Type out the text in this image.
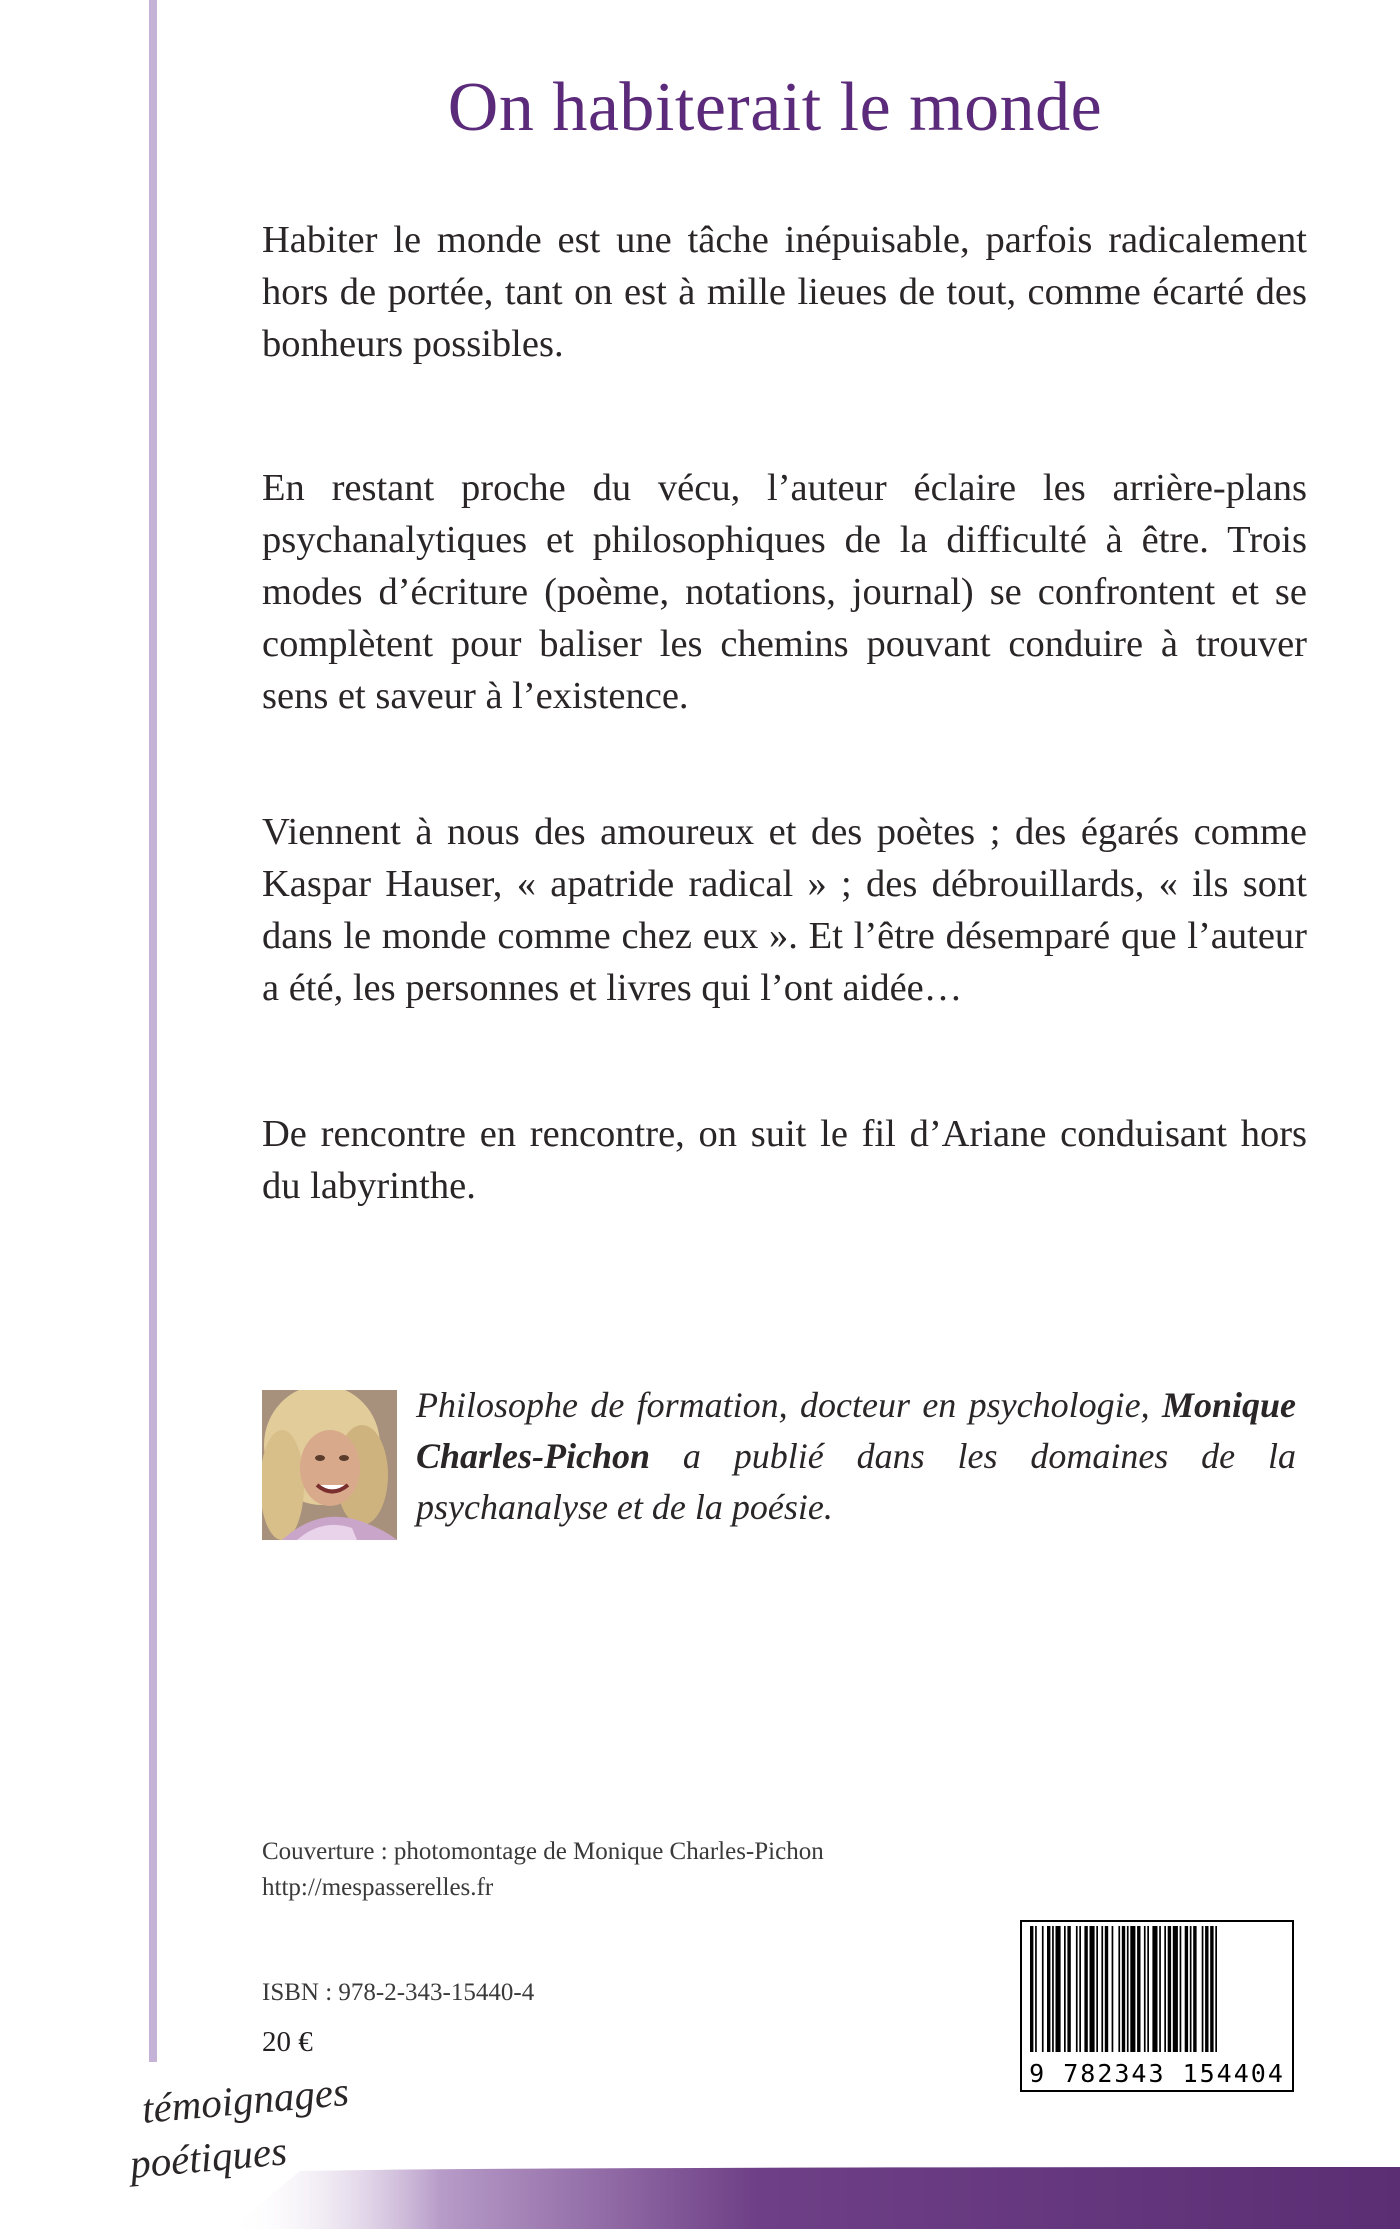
On habiterait le monde

Habiter le monde est une tâche inépuisable, parfois radicalement hors de portée, tant on est à mille lieues de tout, comme écarté des bonheurs possibles.

En restant proche du vécu, l’auteur éclaire les arrière-plans psychanalytiques et philosophiques de la difficulté à être. Trois modes d’écriture (poème, notations, journal) se confrontent et se complètent pour baliser les chemins pouvant conduire à trouver sens et saveur à l’existence.

Viennent à nous des amoureux et des poètes ; des égarés comme Kaspar Hauser, « apatride radical » ; des débrouillards, « ils sont dans le monde comme chez eux ». Et l’être désemparé que l’auteur a été, les personnes et livres qui l’ont aidée…

De rencontre en rencontre, on suit le fil d’Ariane conduisant hors du labyrinthe.

Philosophe de formation, docteur en psychologie, Monique Charles-Pichon a publié dans les domaines de la psychanalyse et de la poésie.

Couverture : photomontage de Monique Charles-Pichon
http://mespasserelles.fr
ISBN : 978-2-343-15440-4
20 €
9 782343 154404
témoignages
poétiques
